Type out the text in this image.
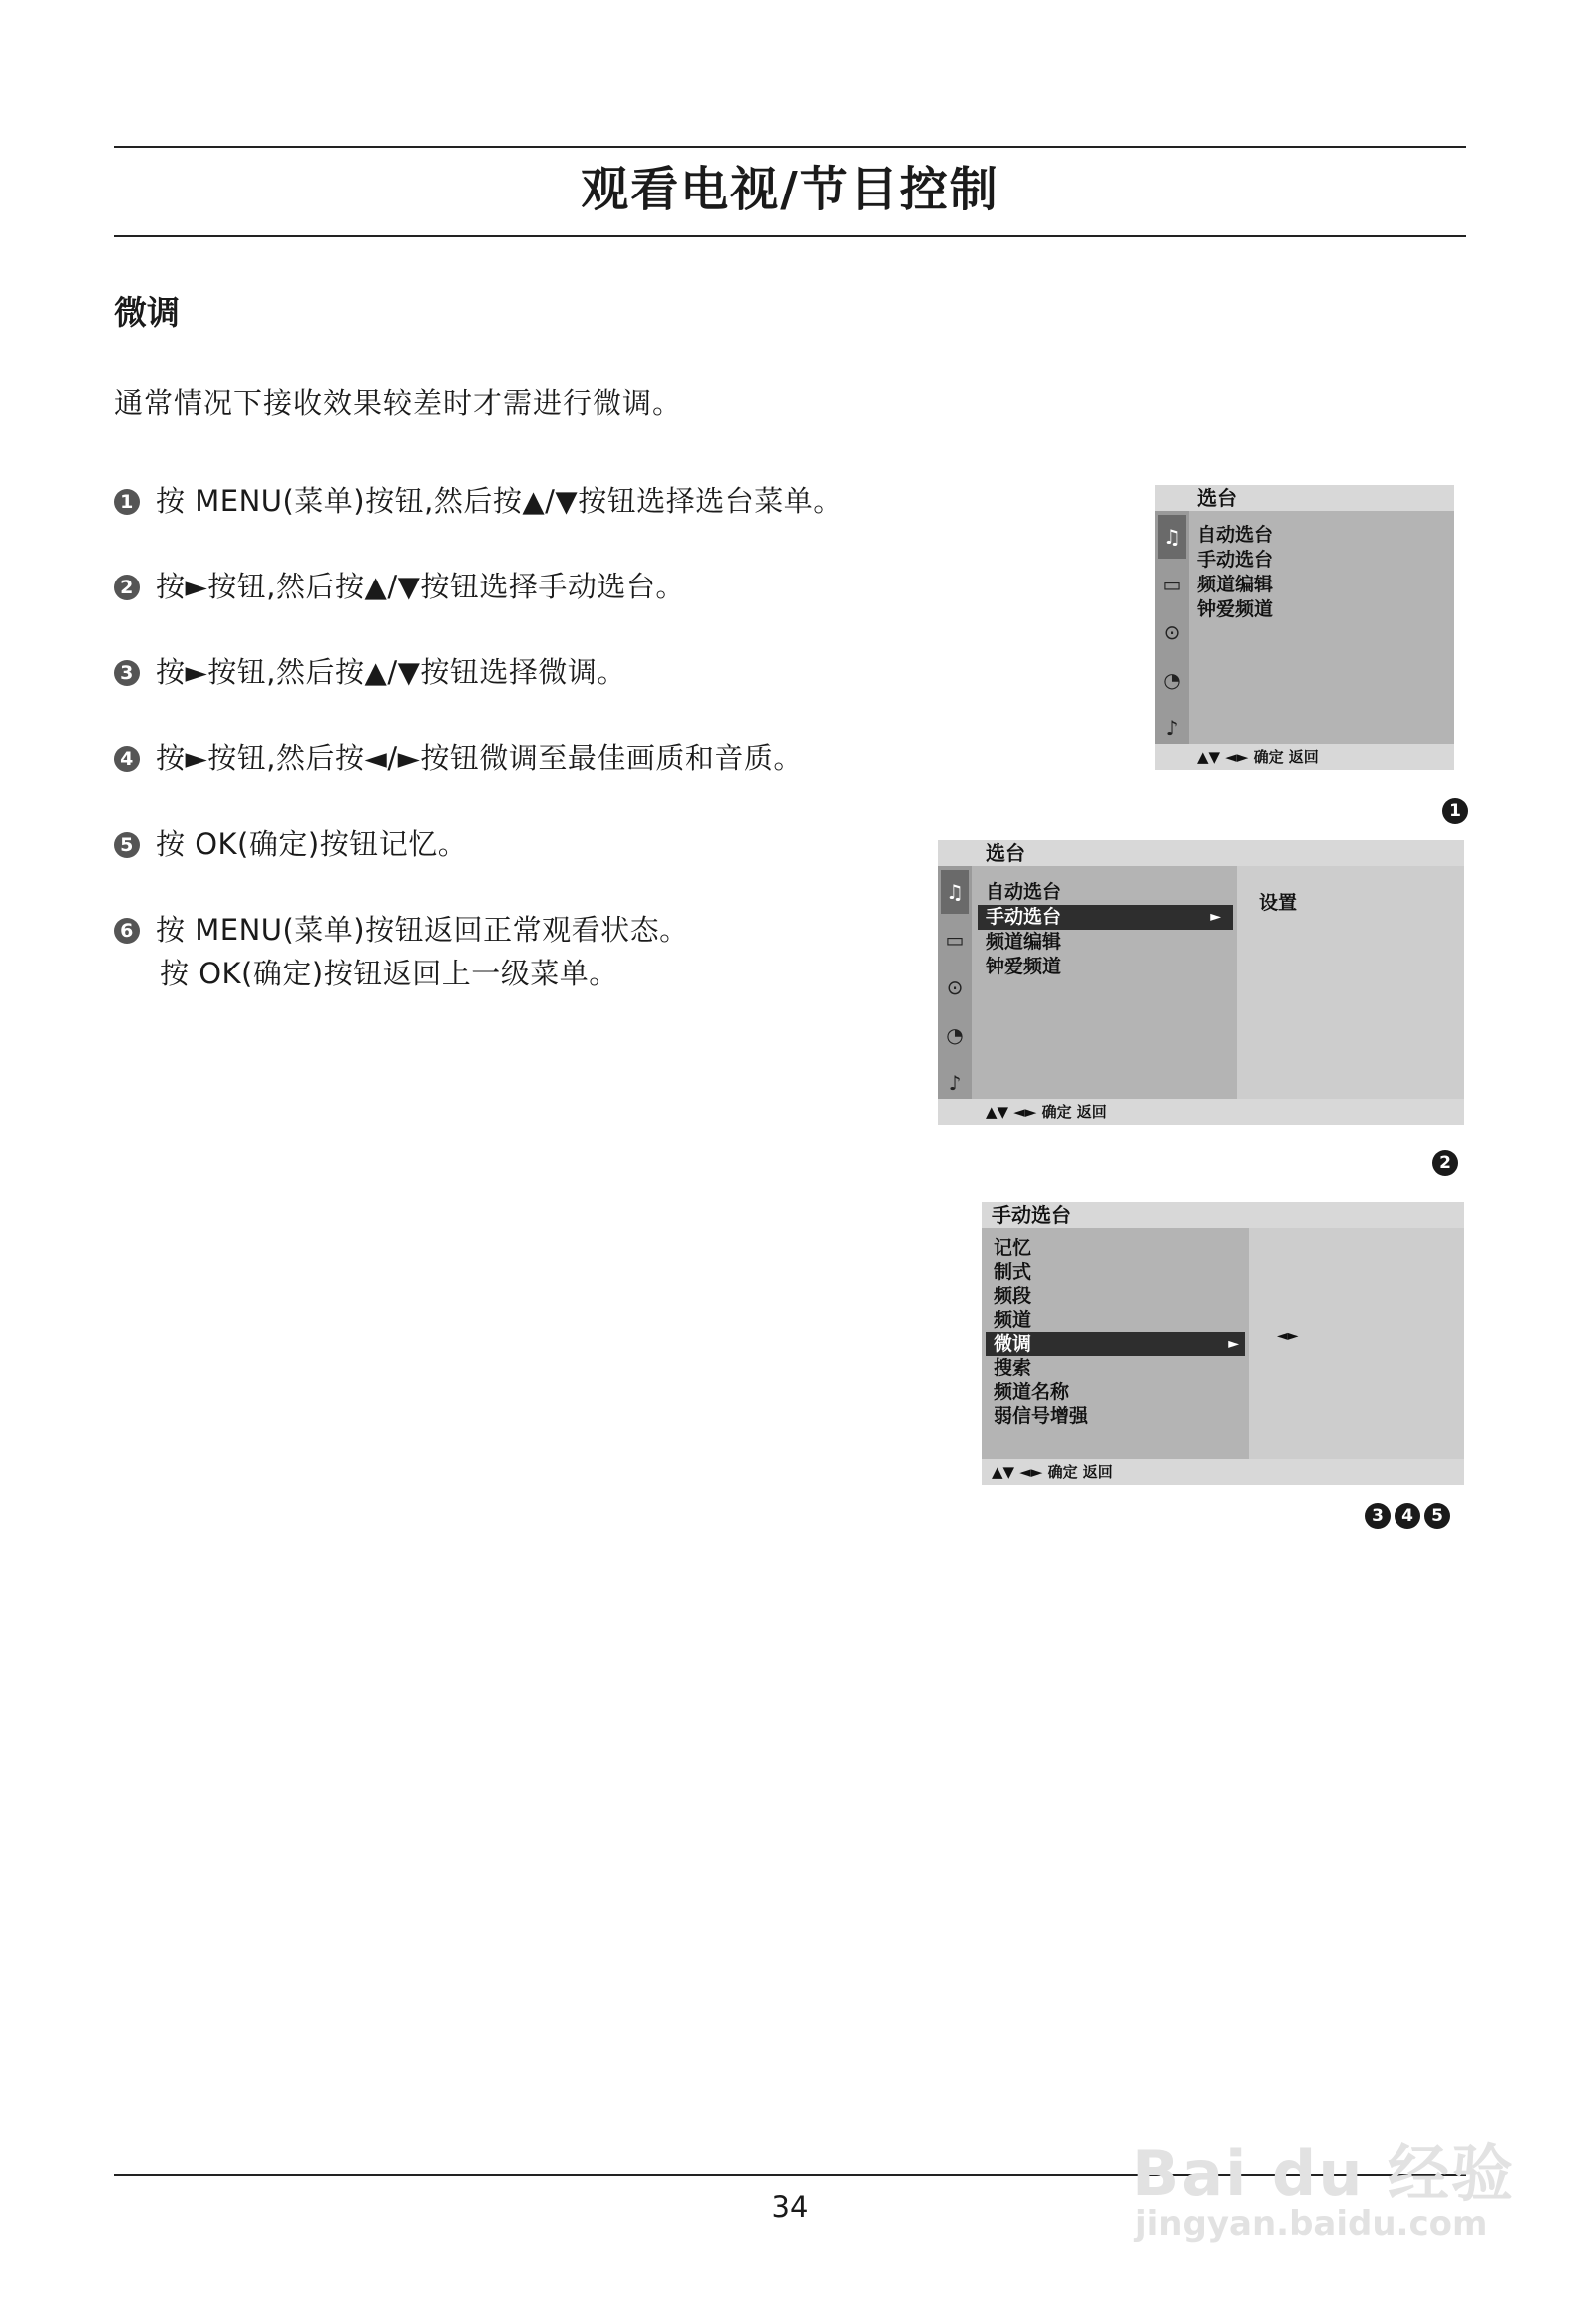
观看电视/节目控制
微调
通常情况下接收效果较差时才需进行微调。
1 按 MENU(菜单)按钮,然后按▲/▼按钮选择选台菜单。
2 按►按钮,然后按▲/▼按钮选择手动选台。
3 按►按钮,然后按▲/▼按钮选择微调。
4 按►按钮,然后按◄/►按钮微调至最佳画质和音质。
5 按 OK(确定)按钮记忆。
6 按 MENU(菜单)按钮返回正常观看状态。
按 OK(确定)按钮返回上一级菜单。
选台
♫
▭
⊙
◔
♪
自动选台
手动选台
频道编辑
钟爱频道
▲▼ ◄► 确定 返回
1
选台
♫
▭
⊙
◔
♪
设置
自动选台
手动选台	►
频道编辑
钟爱频道
▲▼ ◄► 确定 返回
2
手动选台
◄►
记忆
制式
频段
频道
微调	►
搜索
频道名称
弱信号增强
▲▼ ◄► 确定 返回
3	4	5
34	Bai du 经验
jingyan.baidu.com
